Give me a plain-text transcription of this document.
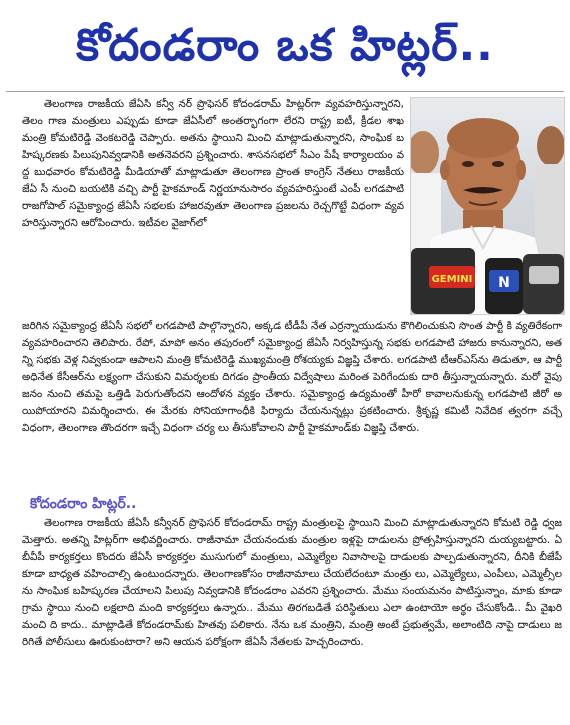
కోదండరాం ఒక హిట్లర్..
GEMINI N
తెలంగాణ రాజకీయ జేఏసి కన్వీ నర్ ప్రొఫెసర్ కోదండరామ్ హిట్లర్‌గా వ్యవహరిస్తున్నారని, తెలం గాణ మంత్రులు ఎప్పుడు కూడా జేఏసీలో అంతర్భాగంగా లేరని రాష్ట్ర ఐటీ, క్రీడల శాఖ మంత్రి కోమటిరెడ్డి వెంకటరెడ్డి చెప్పారు. అతను స్థాయిని మించి మాట్లాడుతున్నారని, సాంఘిక బహిష్కరణకు పిలుపునివ్వడానికి అతనెవరని ప్రశ్నించారు. శాసనసభలో సీఎం పేషీ కార్యాలయం వద్ద బుధవారం కోమటిరెడ్డి మీడియాతో మాట్లాడుతూ తెలంగాణ ప్రాంత కాంగ్రెస్ నేతలు రాజకీయ జేఏ సీ నుంచి బయటికి వచ్చి పార్టీ హైకమాండ్ నిర్ణయానుసారం వ్యవహరిస్తుంటే ఎంపీ లగడపాటి రాజగోపాల్ సమైక్యాంధ్ర జేఏసీ సభలకు హాజరవుతూ తెలంగాణ ప్రజలను రెచ్చగొట్టే విధంగా వ్యవహరిస్తున్నారని ఆరోపించారు. ఇటీవల వైజాగ్‌లో
జరిగిన సమైక్యాంధ్ర జేఏసీ సభలో లగడపాటి పాల్గొన్నారని, అక్కడ టీడీపీ నేత ఎర్రన్నాయుడును కౌగిలించుకుని సొంత పార్టీ కి వ్యతిరేకంగా వ్యవహరించారని తెలిపారు. రేపో, మాపో అనం తపురంలో సమైక్యాంధ్ర జేఏసీ నిర్వహిస్తున్న సభకు లగడపాటి హాజరు కానున్నారని, అతన్ని సభకు వెళ్ల నివ్వకుండా ఆపాలని మంత్రి కోమటిరెడ్డి ముఖ్యమంత్రి రోశయ్యకు విజ్ఞప్తి చేశారు. లగడపాటి టీఆర్ఎస్‌ను తిడుతూ, ఆ పార్టీ అధినేత కేసీఆర్‌ను లక్ష్యంగా చేసుకుని విమర్శలకు దిగడం ప్రాంతీయ విద్వేషాలు మరింత పెరిగేందుకు దారి తీస్తున్నాయన్నారు. మరో వైపు జనం నుంచి తమపై ఒత్తిడి పెరుగుతోందని ఆందోళన వ్యక్తం చేశారు. సమైక్యాంధ్ర ఉద్యమంతో హీరో కావాలనుకున్న లగడపాటి జీరో అయిపోయారని విమర్శించారు. ఈ మేరకు సోనియాగాంధీకి ఫిర్యాదు చేయనున్నట్లు ప్రకటించారు. శ్రీకృష్ణ కమిటీ నివేదిక త్వరగా వచ్చే విధంగా, తెలంగాణ తొందరగా ఇచ్చే విధంగా చర్య లు తీసుకోవాలని పార్టీ హైకమాండ్‌కు విజ్ఞప్తి చేశారు.
కోదండరాం హిట్లర్..
తెలంగాణ రాజకీయ జేఏసీ కన్వీనర్ ప్రొఫెసర్ కోదండరామ్ రాష్ట్ర మంత్రులపై స్థాయిని మించి మాట్లాడుతున్నారని కోమటి రెడ్డి ధ్వజమెత్తారు. అతన్ని హిట్లర్‌గా అభివర్ణించారు. రాజీనామా చేయనందుకు మంత్రుల ఇళ్లపై దాడులను ప్రోత్సహిస్తున్నారని దుయ్యబట్టారు. ఏబీవీపీ కార్యకర్తలు కొందరు జేఏసీ కార్యకర్తల ముసుగులో మంత్రులు, ఎమ్మెల్యేల నివాసాలపై దాడులకు పాల్పడుతున్నారని, దీనికి బీజేపీ కూడా బాధ్యత వహించాల్సి ఉంటుందన్నారు. తెలంగాణకోసం రాజీనామాలు చేయలేదంటూ మంత్రు లు, ఎమ్మెల్యేలు, ఎంపీలు, ఎమ్మెల్సీలను సాంఘిక బహిష్కరణ చేయాలని పిలుపు నివ్వడానికి కోదండరాం ఎవరని ప్రశ్నించారు. మేము సంయమనం పాటిస్తున్నాం, మాకు కూడా గ్రామ స్థాయి నుంచి లక్షలాది మంది కార్యకర్తలు ఉన్నారు.. మేము తిరగబడితే పరిస్థితులు ఎలా ఉంటాయో అర్థం చేసుకోండి.. మీ వైఖరి మంచి ది కాదు.. మాట్లాడితే కోదండరామ్‌కు హితవు పలికారు. నేను ఒక మంత్రిని, మంత్రి అంటే ప్రభుత్వమే, అలాంటిది నాపై దాడులు జరిగితే పోలీసులు ఊరుకుంటారా? అని ఆయన పరోక్షంగా జేఏసీ నేతలకు హెచ్చరించారు.
